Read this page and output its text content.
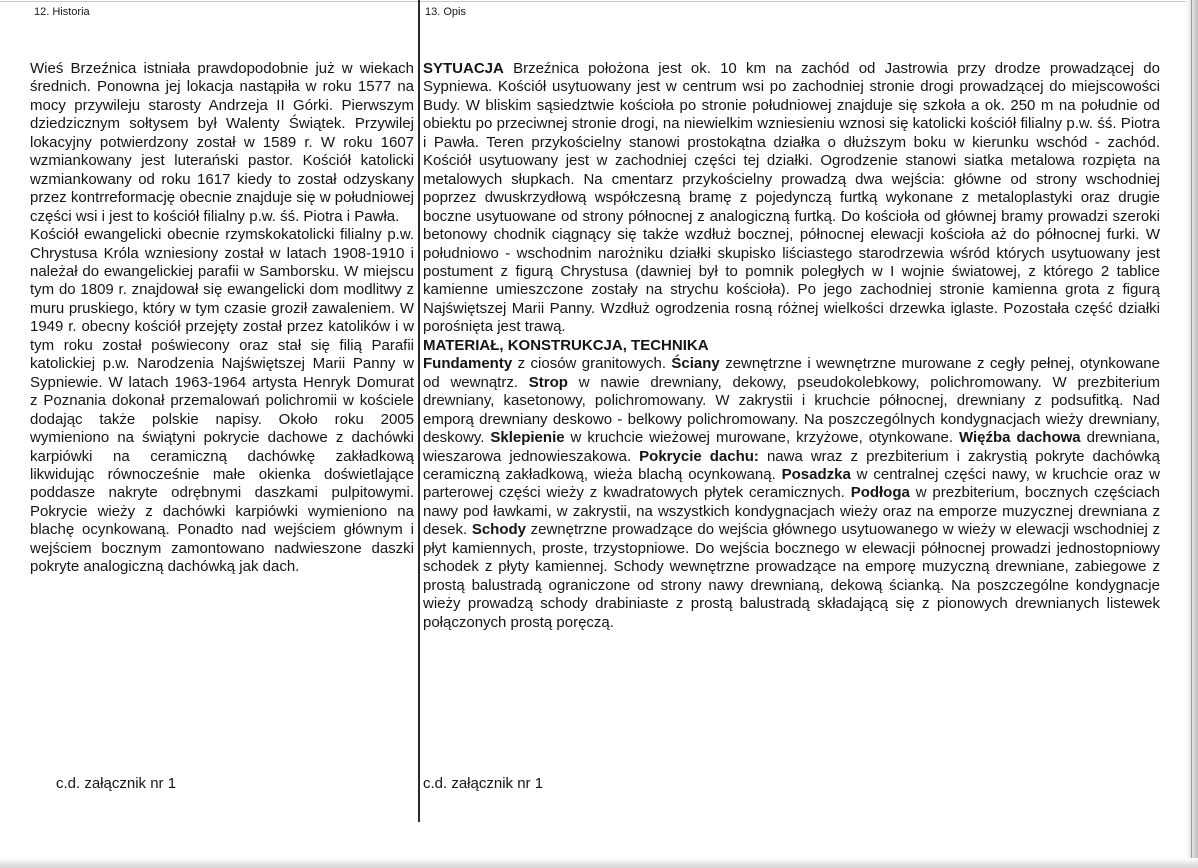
12. Historia	13. Opis

Wieś Brzeźnica istniała prawdopodobnie już w wiekach średnich. Ponowna jej lokacja nastąpiła w roku 1577 na mocy przywileju starosty Andrzeja II Górki. Pierwszym dziedzicznym sołtysem był Walenty Świątek. Przywilej lokacyjny potwierdzony został w 1589 r. W roku 1607 wzmiankowany jest luterański pastor. Kościół katolicki wzmiankowany od roku 1617 kiedy to został odzyskany przez kontrreformację obecnie znajduje się w południowej części wsi i jest to kościół filialny p.w. śś. Piotra i Pawła.

Kościół ewangelicki obecnie rzymskokatolicki filialny p.w. Chrystusa Króla wzniesiony został w latach 1908-1910 i należał do ewangelickiej parafii w Samborsku. W miejscu tym do 1809 r. znajdował się ewangelicki dom modlitwy z muru pruskiego, który w tym czasie groził zawaleniem. W 1949 r. obecny kościół przejęty został przez katolików i w tym roku został poświecony oraz stał się filią Parafii katolickiej p.w. Narodzenia Najświętszej Marii Panny w Sypniewie. W latach 1963-1964 artysta Henryk Domurat z Poznania dokonał przemalowań polichromii w kościele dodając także polskie napisy. Około roku 2005 wymieniono na świątyni pokrycie dachowe z dachówki karpiówki na ceramiczną dachówkę zakładkową likwidując równocześnie małe okienka doświetlające poddasze nakryte odrębnymi daszkami pulpitowymi. Pokrycie wieży z dachówki karpiówki wymieniono na blachę ocynkowaną. Ponadto nad wejściem głównym i wejściem bocznym zamontowano nadwieszone daszki pokryte analogiczną dachówką jak dach.

SYTUACJA Brzeźnica położona jest ok. 10 km na zachód od Jastrowia przy drodze prowadzącej do Sypniewa. Kościół usytuowany jest w centrum wsi po zachodniej stronie drogi prowadzącej do miejscowości Budy. W bliskim sąsiedztwie kościoła po stronie południowej znajduje się szkoła a ok. 250 m na południe od obiektu po przeciwnej stronie drogi, na niewielkim wzniesieniu wznosi się katolicki kościół filialny p.w. śś. Piotra i Pawła. Teren przykościelny stanowi prostokątna działka o dłuższym boku w kierunku wschód - zachód. Kościół usytuowany jest w zachodniej części tej działki. Ogrodzenie stanowi siatka metalowa rozpięta na metalowych słupkach. Na cmentarz przykościelny prowadzą dwa wejścia: główne od strony wschodniej poprzez dwuskrzydłową współczesną bramę z pojedynczą furtką wykonane z metaloplastyki oraz drugie boczne usytuowane od strony północnej z analogiczną furtką. Do kościoła od głównej bramy prowadzi szeroki betonowy chodnik ciągnący się także wzdłuż bocznej, północnej elewacji kościoła aż do północnej furki. W południowo - wschodnim narożniku działki skupisko liściastego starodrzewia wśród których usytuowany jest postument z figurą Chrystusa (dawniej był to pomnik poległych w I wojnie światowej, z którego 2 tablice kamienne umieszczone zostały na strychu kościoła). Po jego zachodniej stronie kamienna grota z figurą Najświętszej Marii Panny. Wzdłuż ogrodzenia rosną różnej wielkości drzewka iglaste. Pozostała część działki porośnięta jest trawą.

MATERIAŁ, KONSTRUKCJA, TECHNIKA

Fundamenty z ciosów granitowych. Ściany zewnętrzne i wewnętrzne murowane z cegły pełnej, otynkowane od wewnątrz. Strop w nawie drewniany, dekowy, pseudokolebkowy, polichromowany. W prezbiterium drewniany, kasetonowy, polichromowany. W zakrystii i kruchcie północnej, drewniany z podsufitką. Nad emporą drewniany deskowo - belkowy polichromowany. Na poszczególnych kondygnacjach wieży drewniany, deskowy. Sklepienie w kruchcie wieżowej murowane, krzyżowe, otynkowane. Więźba dachowa drewniana, wieszarowa jednowieszakowa. Pokrycie dachu: nawa wraz z prezbiterium i zakrystią pokryte dachówką ceramiczną zakładkową, wieża blachą ocynkowaną. Posadzka w centralnej części nawy, w kruchcie oraz w parterowej części wieży z kwadratowych płytek ceramicznych. Podłoga w prezbiterium, bocznych częściach nawy pod ławkami, w zakrystii, na wszystkich kondygnacjach wieży oraz na emporze muzycznej drewniana z desek. Schody zewnętrzne prowadzące do wejścia głównego usytuowanego w wieży w elewacji wschodniej z płyt kamiennych, proste, trzystopniowe. Do wejścia bocznego w elewacji północnej prowadzi jednostopniowy schodek z płyty kamiennej. Schody wewnętrzne prowadzące na emporę muzyczną drewniane, zabiegowe z prostą balustradą ograniczone od strony nawy drewnianą, dekową ścianką. Na poszczególne kondygnacje wieży prowadzą schody drabiniaste z prostą balustradą składającą się z pionowych drewnianych listewek połączonych prostą poręczą.

c.d. załącznik nr 1	c.d. załącznik nr 1
